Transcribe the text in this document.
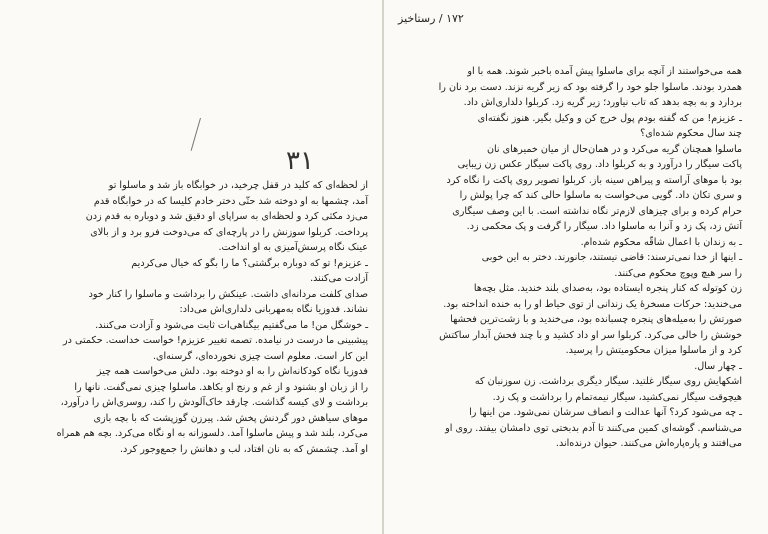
۳۱

از لحظه‌ای که کلید در قفل چرخید، در خوابگاه باز شد و ماسلوا تو

آمد، چشمها به او دوخته شد حتّی دختر خادم کلیسا که در خوابگاه قدم

می‌زد مکثی کرد و لحظه‌ای به سراپای او دقیق شد و دوباره به قدم زدن

پرداخت. کربلوا سوزنش را در پارچه‌ای که می‌دوخت فرو برد و از بالای

عینک نگاه پرسش‌آمیزی به او انداخت.

ـ عزیزم! تو که دوباره برگشتی؟ ما را بگو که خیال می‌کردیم

آزادت می‌کنند.

صدای کلفت مردانه‌ای داشت. عینکش را برداشت و ماسلوا را کنار خود

نشاند. فدوزیا نگاه به‌مهربانی دلداری‌اش می‌داد:

ـ خوشگل من! ما می‌گفتیم بیگناهی‌ات ثابت می‌شود و آزادت می‌کنند.

پیشبینی ما درست در نیامده. تصمه تغییر عزیزم! خواست خداست. حکمتی در

این کار است. معلوم است چیزی نخورده‌ای، گرسنه‌ای.

فدوزیا نگاه کودکانه‌اش را به او دوخته بود. دلش می‌خواست همه چیز

را از زبان او بشنود و از غم و رنج او بکاهد. ماسلوا چیزی نمی‌گفت. نانها را

برداشت و لای کیسه گذاشت. چارقد خاک‌آلودش را کند، روسری‌اش را درآورد،

موهای سیاهش دور گردنش پخش شد. پیرزن گوزپشت که با بچه بازی

می‌کرد، بلند شد و پیش ماسلوا آمد. دلسوزانه به او نگاه می‌کرد. بچه هم همراه

او آمد. چشمش که به نان افتاد، لب و دهانش را جمع‌وجور کرد.

۱۷۲ / رستاخیز

همه می‌خواستند از آنچه برای ماسلوا پیش آمده باخبر شوند. همه با او

همدرد بودند. ماسلوا جلو خود را گرفته بود که زیر گریه نزند. دست برد نان را

بردارد و به بچه بدهد که تاب نیاورد؛ زیر گریه زد. کربلوا دلداری‌اش داد.

ـ عزیزم! من که گفته بودم پول خرج کن و وکیل بگیر. هنوز نگفته‌ای

چند سال محکوم شده‌ای؟

ماسلوا همچنان گریه می‌کرد و در همان‌حال از میان خمیرهای نان

پاکت سیگار را درآورد و به کربلوا داد. روی پاکت سیگار عکس زن زیبایی

بود با موهای آراسته و پیراهن سینه باز. کربلوا تصویر روی پاکت را نگاه کرد

و سری تکان داد. گویی می‌خواست به ماسلوا حالی کند که چرا پولش را

حرام کرده و برای چیزهای لازم‌تر نگاه نداشته است. با این وصف سیگاری

آتش زد، پک زد و آنرا به ماسلوا داد. سیگار را گرفت و پک محکمی زد.

ـ به زندان با اعمال شاقّه محکوم شده‌ام.

ـ اینها از خدا نمی‌ترسند: قاضی نیستند، جانورند. دختر به این خوبی

را سر هیچ وپوچ محکوم می‌کنند.

زن کوتوله که کنار پنجره ایستاده بود، به‌صدای بلند خندید. مثل بچه‌ها

می‌خندید: حرکات مسخرهٔ یک زندانی از توی حیاط او را به خنده انداخته بود.

صورتش را به‌میله‌های پنجره چسبانده بود، می‌خندید و با زشت‌ترین فحشها

خوشش را خالی می‌کرد. کربلوا سر او داد کشید و با چند فحش آبدار ساکتش

کرد و از ماسلوا میزان محکومیتش را پرسید.

ـ چهار سال.

اشکهایش روی سیگار غلتید. سیگار دیگری برداشت. زن سوزنبان که

هیچوقت سیگار نمی‌کشید، سیگار نیمه‌تمام را برداشت و پک زد.

ـ چه می‌شود کرد؟ آنها عدالت و انصاف سرشان نمی‌شود. من اینها را

می‌شناسم. گوشه‌ای کمین می‌کنند تا آدم بدبختی توی دامشان بیفتد. روی او

می‌افتند و پاره‌پاره‌اش می‌کنند. حیوان درنده‌اند.
